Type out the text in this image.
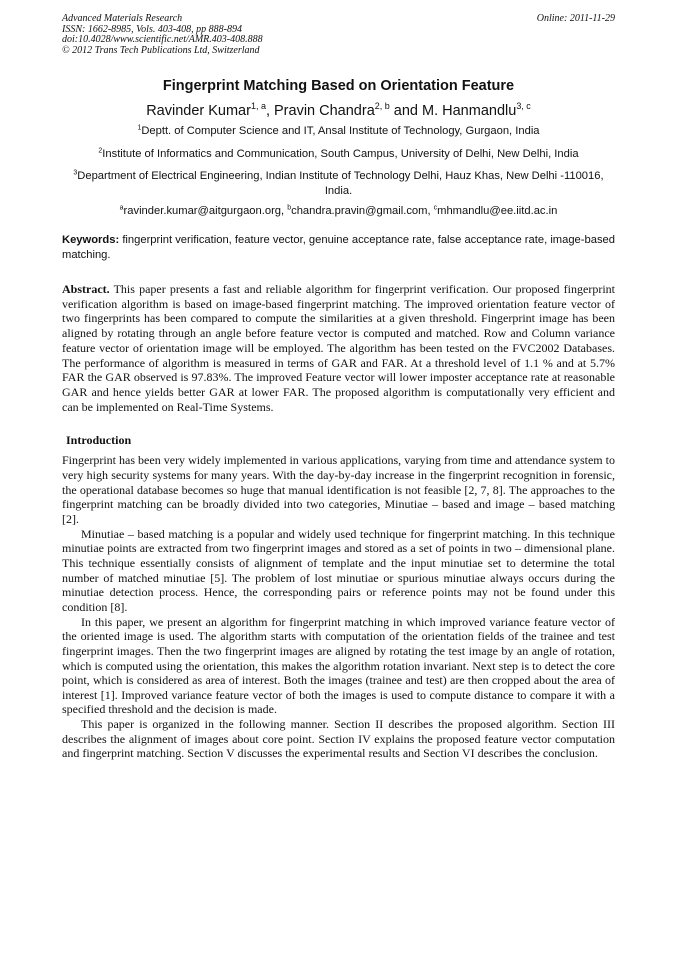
Advanced Materials Research
ISSN: 1662-8985, Vols. 403-408, pp 888-894
doi:10.4028/www.scientific.net/AMR.403-408.888
© 2012 Trans Tech Publications Ltd, Switzerland
Online: 2011-11-29
Fingerprint Matching Based on Orientation Feature
Ravinder Kumar$^{1, a}$, Pravin Chandra$^{2, b}$ and M. Hanmandlu$^{3, c}$
$^1$Deptt. of Computer Science and IT, Ansal Institute of Technology, Gurgaon, India
$^2$Institute of Informatics and Communication, South Campus, University of Delhi, New Delhi, India
$^3$Department of Electrical Engineering, Indian Institute of Technology Delhi, Hauz Khas, New Delhi -110016, India.
$^a$ravinder.kumar@aitgurgaon.org, $^b$chandra.pravin@gmail.com, $^c$mhmandlu@ee.iitd.ac.in
Keywords: fingerprint verification, feature vector, genuine acceptance rate, false acceptance rate, image-based matching.
Abstract. This paper presents a fast and reliable algorithm for fingerprint verification. Our proposed fingerprint verification algorithm is based on image-based fingerprint matching. The improved orientation feature vector of two fingerprints has been compared to compute the similarities at a given threshold. Fingerprint image has been aligned by rotating through an angle before feature vector is computed and matched. Row and Column variance feature vector of orientation image will be employed. The algorithm has been tested on the FVC2002 Databases. The performance of algorithm is measured in terms of GAR and FAR. At a threshold level of 1.1 % and at 5.7% FAR the GAR observed is 97.83%. The improved Feature vector will lower imposter acceptance rate at reasonable GAR and hence yields better GAR at lower FAR. The proposed algorithm is computationally very efficient and can be implemented on Real-Time Systems.
Introduction
Fingerprint has been very widely implemented in various applications, varying from time and attendance system to very high security systems for many years. With the day-by-day increase in the fingerprint recognition in forensic, the operational database becomes so huge that manual identification is not feasible [2, 7, 8]. The approaches to the fingerprint matching can be broadly divided into two categories, Minutiae – based and image – based matching [2].
Minutiae – based matching is a popular and widely used technique for fingerprint matching. In this technique minutiae points are extracted from two fingerprint images and stored as a set of points in two – dimensional plane. This technique essentially consists of alignment of template and the input minutiae set to determine the total number of matched minutiae [5]. The problem of lost minutiae or spurious minutiae always occurs during the minutiae detection process. Hence, the corresponding pairs or reference points may not be found under this condition [8].
In this paper, we present an algorithm for fingerprint matching in which improved variance feature vector of the oriented image is used. The algorithm starts with computation of the orientation fields of the trainee and test fingerprint images. Then the two fingerprint images are aligned by rotating the test image by an angle of rotation, which is computed using the orientation, this makes the algorithm rotation invariant. Next step is to detect the core point, which is considered as area of interest. Both the images (trainee and test) are then cropped about the area of interest [1]. Improved variance feature vector of both the images is used to compute distance to compare it with a specified threshold and the decision is made.
This paper is organized in the following manner. Section II describes the proposed algorithm. Section III describes the alignment of images about core point. Section IV explains the proposed feature vector computation and fingerprint matching. Section V discusses the experimental results and Section VI describes the conclusion.
